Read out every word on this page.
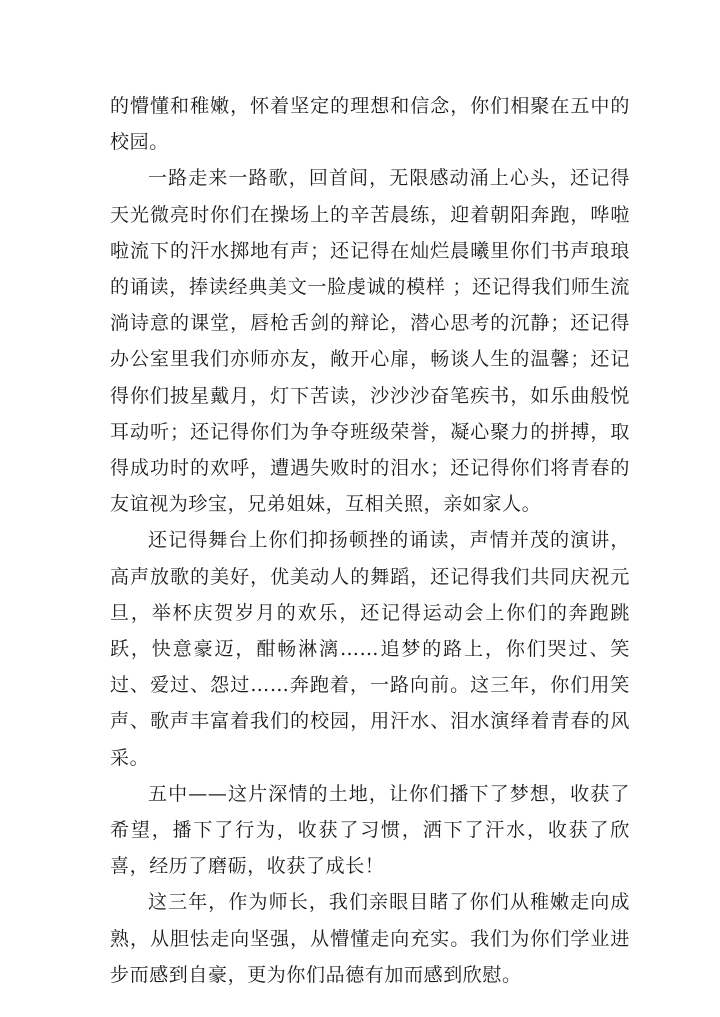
的懵懂和稚嫩，怀着坚定的理想和信念，你们相聚在五中的校园。

一路走来一路歌，回首间，无限感动涌上心头，还记得天光微亮时你们在操场上的辛苦晨练，迎着朝阳奔跑，哗啦啦流下的汗水掷地有声；还记得在灿烂晨曦里你们书声琅琅的诵读，捧读经典美文一脸虔诚的模样 ；还记得我们师生流淌诗意的课堂，唇枪舌剑的辩论，潜心思考的沉静；还记得办公室里我们亦师亦友，敞开心扉，畅谈人生的温馨；还记得你们披星戴月，灯下苦读，沙沙沙奋笔疾书，如乐曲般悦耳动听；还记得你们为争夺班级荣誉，凝心聚力的拼搏，取得成功时的欢呼，遭遇失败时的泪水；还记得你们将青春的友谊视为珍宝，兄弟姐妹，互相关照，亲如家人。

还记得舞台上你们抑扬顿挫的诵读，声情并茂的演讲，高声放歌的美好，优美动人的舞蹈，还记得我们共同庆祝元旦，举杯庆贺岁月的欢乐，还记得运动会上你们的奔跑跳跃，快意豪迈，酣畅淋漓……追梦的路上，你们哭过、笑过、爱过、怨过……奔跑着，一路向前。这三年，你们用笑声、歌声丰富着我们的校园，用汗水、泪水演绎着青春的风采。

五中——这片深情的土地，让你们播下了梦想，收获了希望，播下了行为，收获了习惯，洒下了汗水，收获了欣喜，经历了磨砺，收获了成长！

这三年，作为师长，我们亲眼目睹了你们从稚嫩走向成熟，从胆怯走向坚强，从懵懂走向充实。我们为你们学业进步而感到自豪，更为你们品德有加而感到欣慰。
